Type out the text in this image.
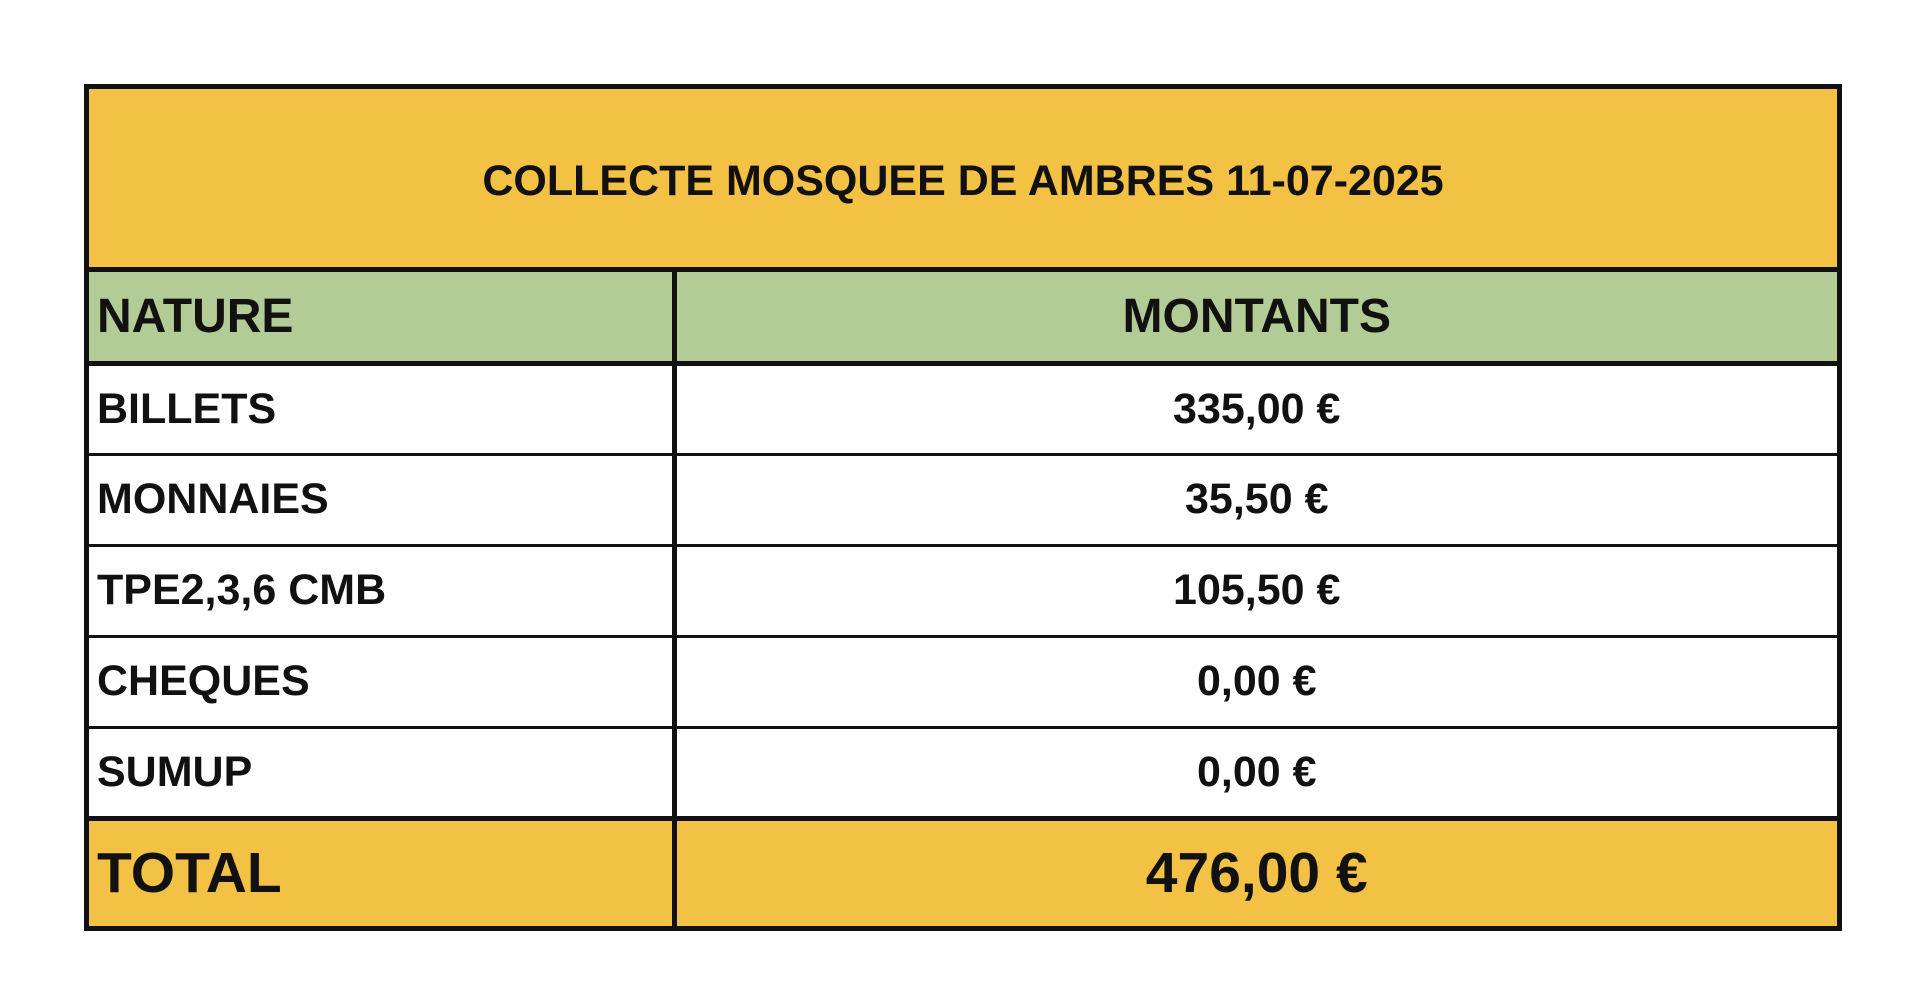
COLLECTE MOSQUEE DE AMBRES 11-07-2025
NATURE	MONTANTS
BILLETS	335,00 €
MONNAIES	35,50 €
TPE2,3,6 CMB	105,50 €
CHEQUES	0,00 €
SUMUP	0,00 €
TOTAL	476,00 €
